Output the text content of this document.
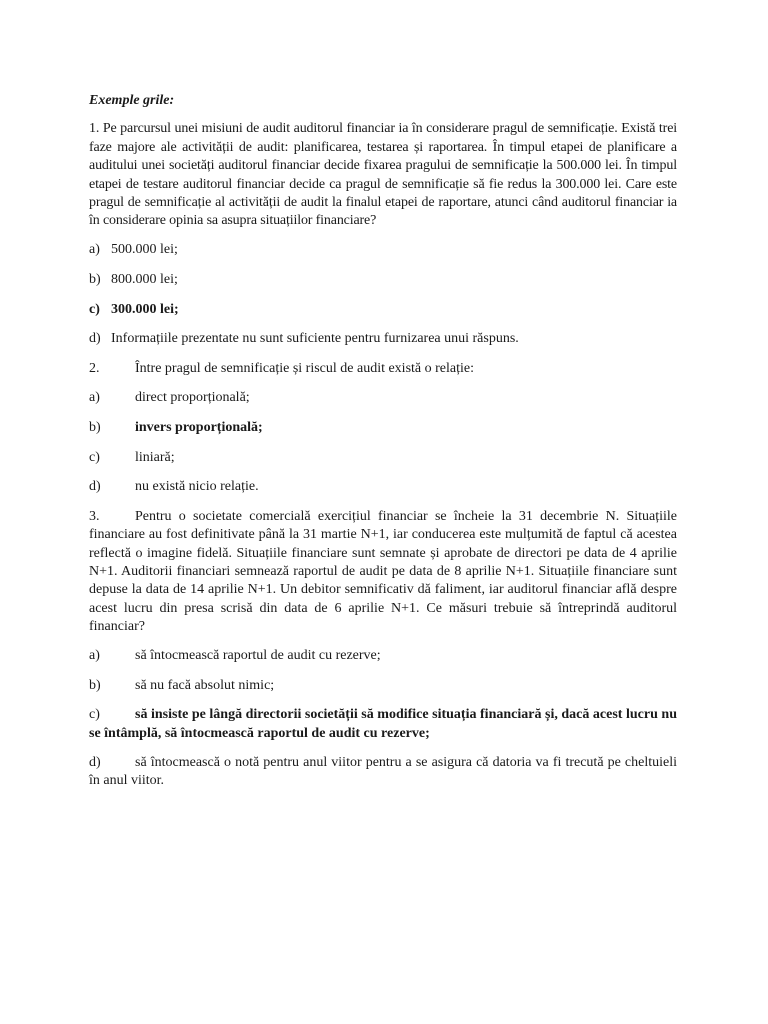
Exemple grile:
1. Pe parcursul unei misiuni de audit auditorul financiar ia în considerare pragul de semnificație. Există trei faze majore ale activității de audit: planificarea, testarea și raportarea. În timpul etapei de planificare a auditului unei societăți auditorul financiar decide fixarea pragului de semnificație la 500.000 lei. În timpul etapei de testare auditorul financiar decide ca pragul de semnificație să fie redus la 300.000 lei. Care este pragul de semnificație al activității de audit la finalul etapei de raportare, atunci când auditorul financiar ia în considerare opinia sa asupra situațiilor financiare?
a) 500.000 lei;
b) 800.000 lei;
c) 300.000 lei;
d) Informațiile prezentate nu sunt suficiente pentru furnizarea unui răspuns.
2.	Între pragul de semnificație și riscul de audit există o relație:
a)	direct proporțională;
b)	invers proporțională;
c)	liniară;
d)	nu există nicio relație.
3.	Pentru o societate comercială exercițiul financiar se încheie la 31 decembrie N. Situațiile financiare au fost definitivate până la 31 martie N+1, iar conducerea este mulțumită de faptul că acestea reflectă o imagine fidelă. Situațiile financiare sunt semnate și aprobate de directori pe data de 4 aprilie N+1. Auditorii financiari semnează raportul de audit pe data de 8 aprilie N+1. Situațiile financiare sunt depuse la data de 14 aprilie N+1. Un debitor semnificativ dă faliment, iar auditorul financiar află despre acest lucru din presa scrisă din data de 6 aprilie N+1. Ce măsuri trebuie să întreprindă auditorul financiar?
a)	să întocmească raportul de audit cu rezerve;
b)	să nu facă absolut nimic;
c)	să insiste pe lângă directorii societății să modifice situația financiară și, dacă acest lucru nu se întâmplă, să întocmească raportul de audit cu rezerve;
d) să întocmească o notă pentru anul viitor pentru a se asigura că datoria va fi trecută pe cheltuieli în anul viitor.
